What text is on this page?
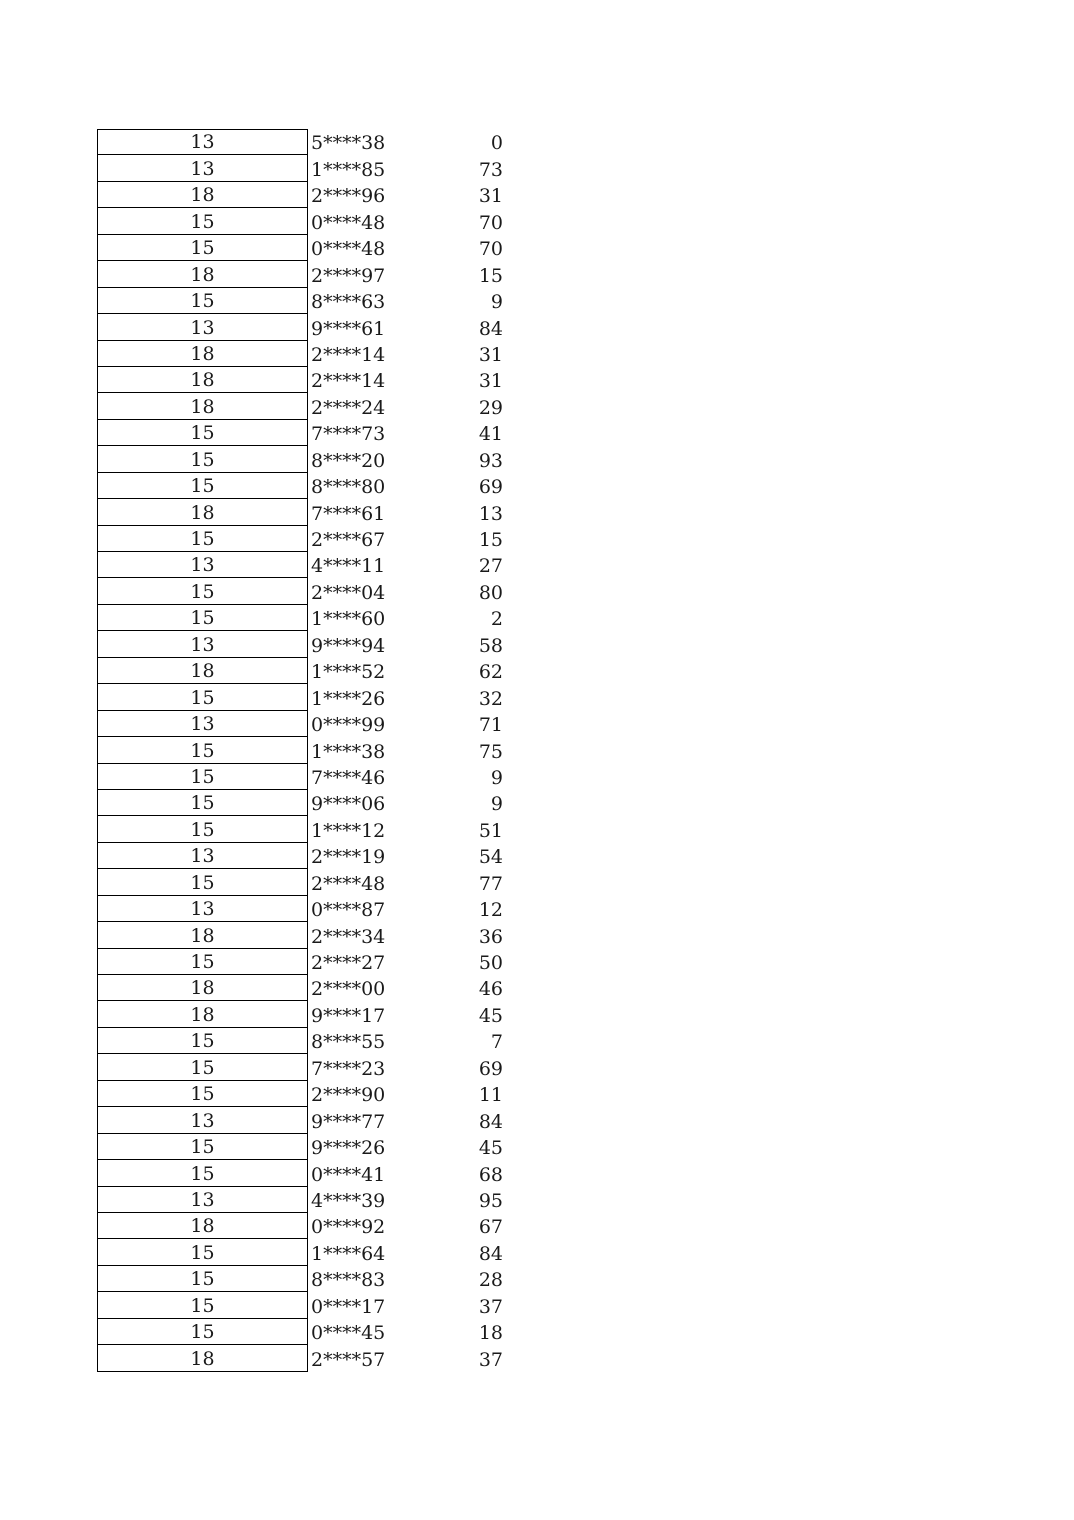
13	5****38	0
13	1****85	73
18	2****96	31
15	0****48	70
15	0****48	70
18	2****97	15
15	8****63	9
13	9****61	84
18	2****14	31
18	2****14	31
18	2****24	29
15	7****73	41
15	8****20	93
15	8****80	69
18	7****61	13
15	2****67	15
13	4****11	27
15	2****04	80
15	1****60	2
13	9****94	58
18	1****52	62
15	1****26	32
13	0****99	71
15	1****38	75
15	7****46	9
15	9****06	9
15	1****12	51
13	2****19	54
15	2****48	77
13	0****87	12
18	2****34	36
15	2****27	50
18	2****00	46
18	9****17	45
15	8****55	7
15	7****23	69
15	2****90	11
13	9****77	84
15	9****26	45
15	0****41	68
13	4****39	95
18	0****92	67
15	1****64	84
15	8****83	28
15	0****17	37
15	0****45	18
18	2****57	37
